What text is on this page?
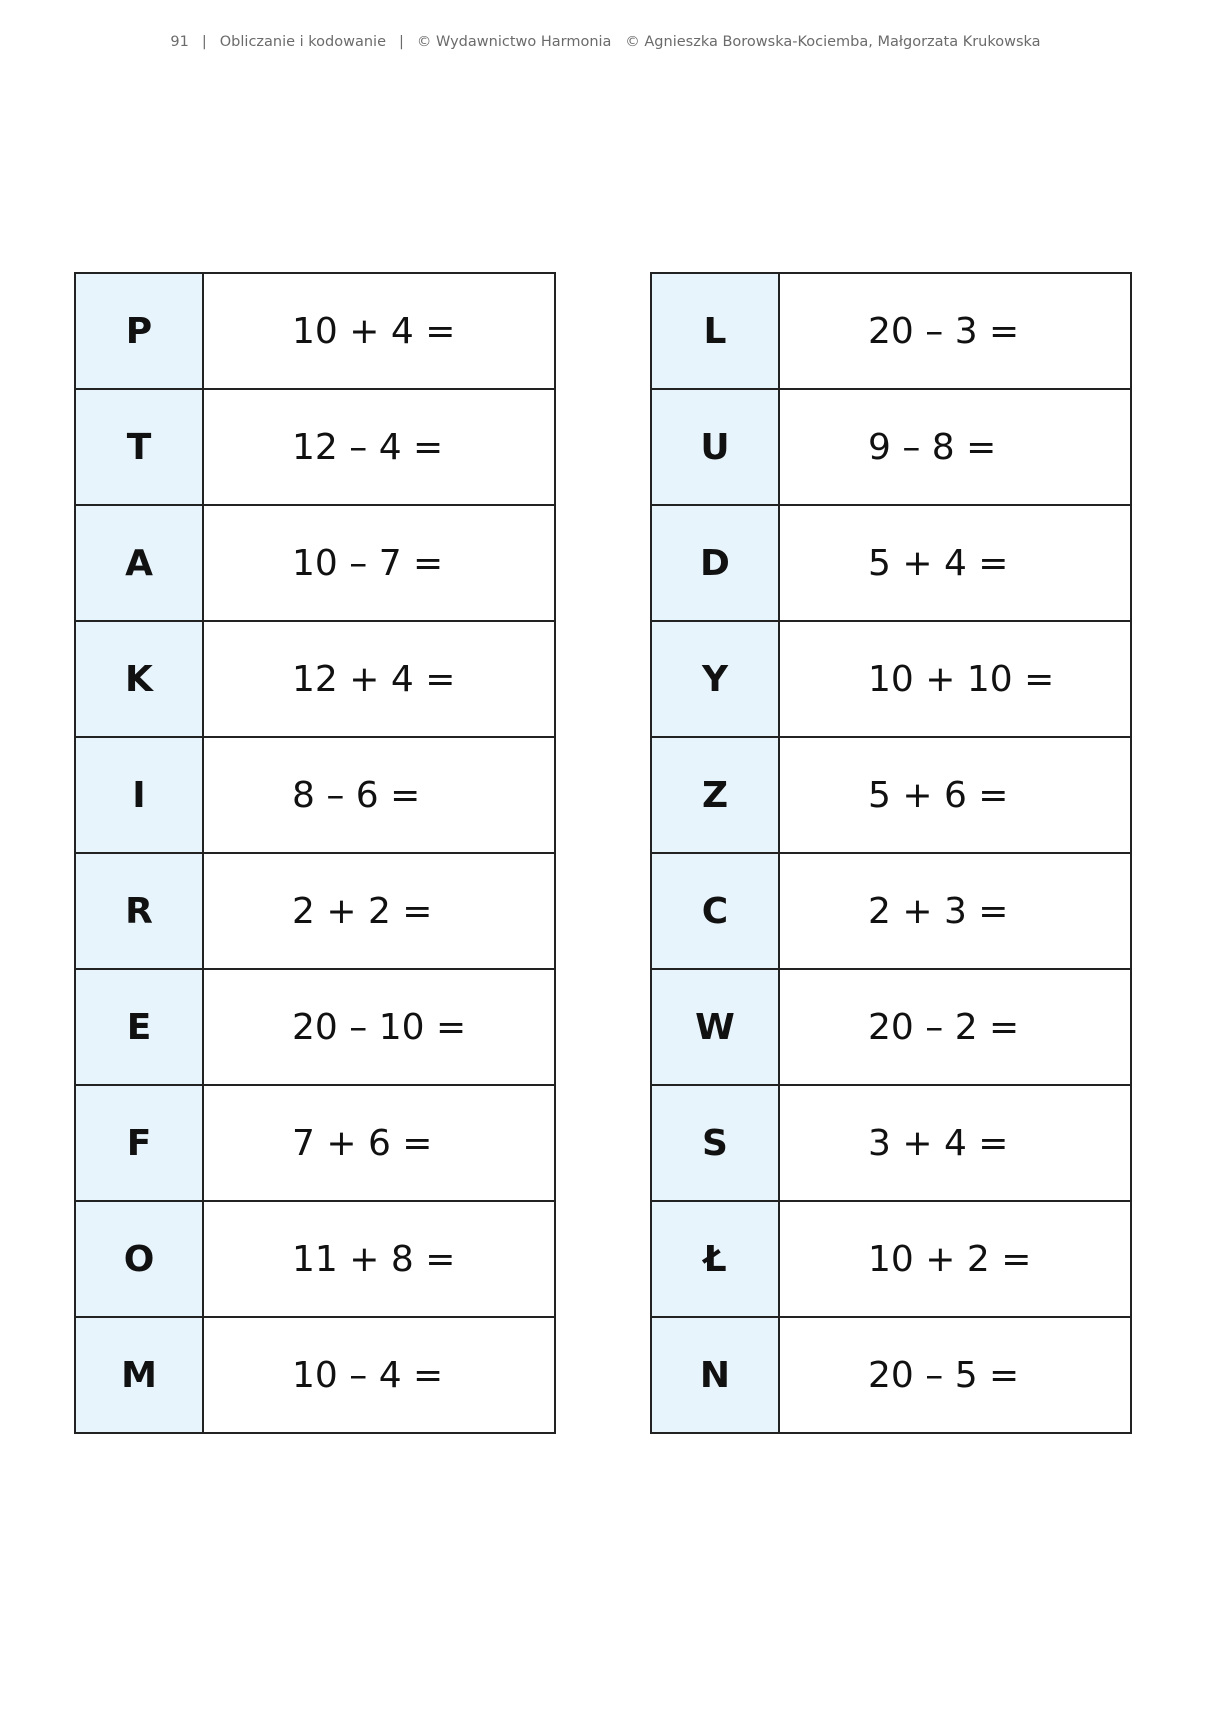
91 | Obliczanie i kodowanie | © Wydawnictwo Harmonia © Agnieszka Borowska-Kociemba, Małgorzata Krukowska
P	10 + 4 =
T	12 – 4 =
A	10 – 7 =
K	12 + 4 =
I	8 – 6 =
R	2 + 2 =
E	20 – 10 =
F	7 + 6 =
O	11 + 8 =
M	10 – 4 =
L	20 – 3 =
U	9 – 8 =
D	5 + 4 =
Y	10 + 10 =
Z	5 + 6 =
C	2 + 3 =
W	20 – 2 =
S	3 + 4 =
Ł	10 + 2 =
N	20 – 5 =
